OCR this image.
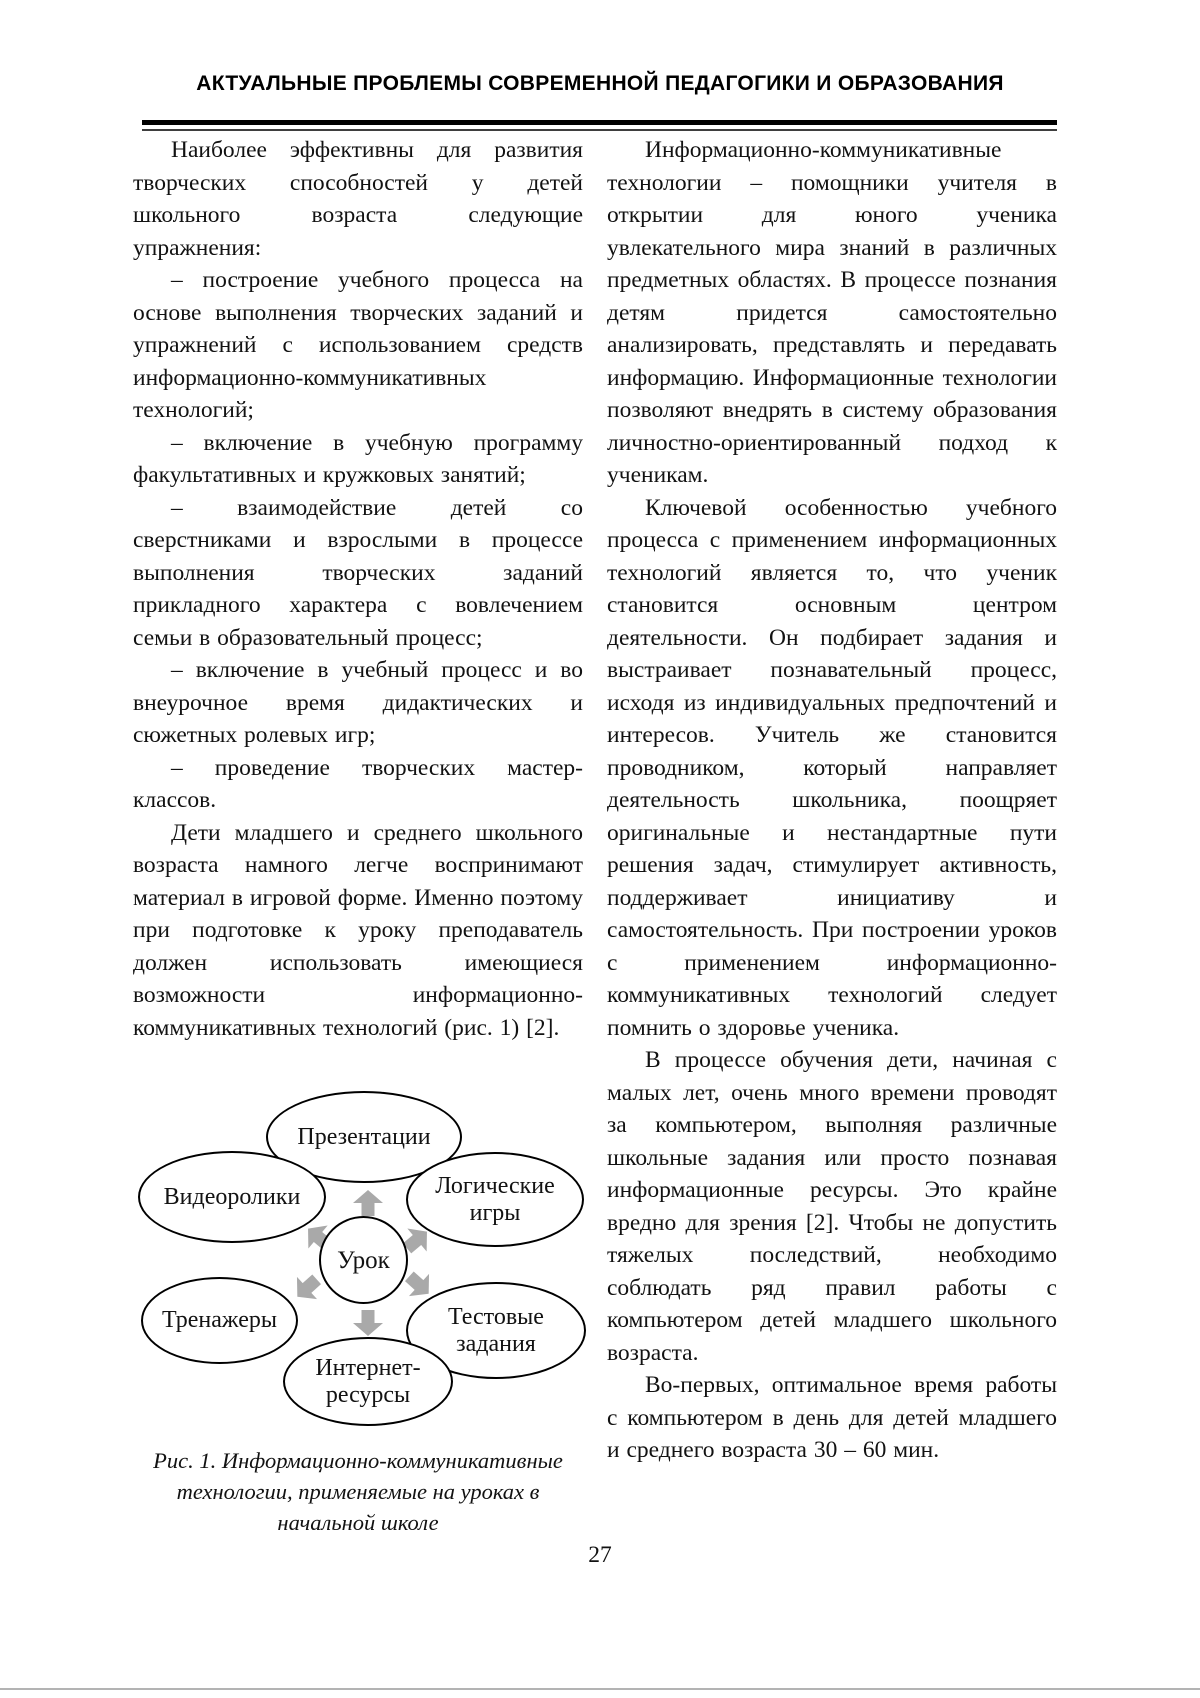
АКТУАЛЬНЫЕ ПРОБЛЕМЫ СОВРЕМЕННОЙ ПЕДАГОГИКИ И ОБРАЗОВАНИЯ

Наиболее эффективны для развития творческих способностей у детей школьного возраста следующие упражнения:

– построение учебного процесса на основе выполнения творческих заданий и упражнений с использованием средств информационно-коммуникативных технологий;

– включение в учебную программу факультативных и кружковых занятий;

– взаимодействие детей со сверстниками и взрослыми в процессе выполнения творческих заданий прикладного характера с вовлечением семьи в образовательный процесс;

– включение в учебный процесс и во внеурочное время дидактических и сюжетных ролевых игр;

– проведение творческих мастер-классов.

Дети младшего и среднего школьного возраста намного легче воспринимают материал в игровой форме. Именно поэтому при подготовке к уроку преподаватель должен использовать имеющиеся возможности информационно-коммуникативных технологий (рис. 1) [2].

Презентации
Видеоролики	Логические игры
Урок
Тренажеры	Тестовые задания
Интернет-ресурсы
Рис. 1. Информационно-коммуникативные технологии, применяемые на уроках в начальной школе

Информационно-коммуникативные технологии – помощники учителя в открытии для юного ученика увлекательного мира знаний в различных предметных областях. В процессе познания детям придется самостоятельно анализировать, представлять и передавать информацию. Информационные технологии позволяют внедрять в систему образования личностно-ориентированный подход к ученикам.

Ключевой особенностью учебного процесса с применением информационных технологий является то, что ученик становится основным центром деятельности. Он подбирает задания и выстраивает познавательный процесс, исходя из индивидуальных предпочтений и интересов. Учитель же становится проводником, который направляет деятельность школьника, поощряет оригинальные и нестандартные пути решения задач, стимулирует активность, поддерживает инициативу и самостоятельность. При построении уроков с применением информационно-коммуникативных технологий следует помнить о здоровье ученика.

В процессе обучения дети, начиная с малых лет, очень много времени проводят за компьютером, выполняя различные школьные задания или просто познавая информационные ресурсы. Это крайне вредно для зрения [2]. Чтобы не допустить тяжелых последствий, необходимо соблюдать ряд правил работы с компьютером детей младшего школьного возраста.

Во-первых, оптимальное время работы с компьютером в день для детей младшего и среднего возраста 30 – 60 мин.

27
